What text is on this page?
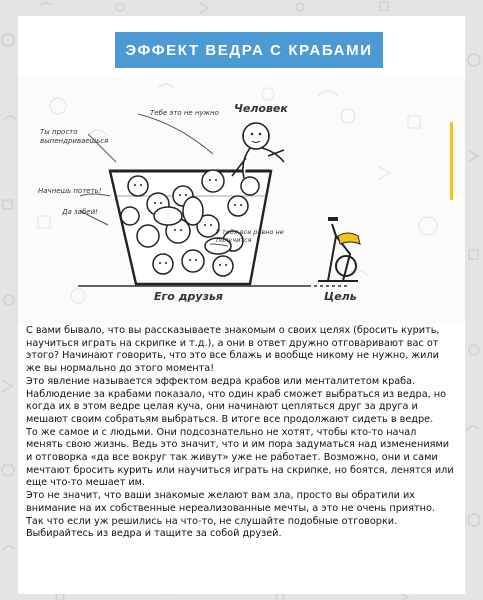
ЭФФЕКТ ВЕДРА С КРАБАМИ
Человек
Тебе это не нужно
Ты просто выпендриваешься
Начнешь потеть!
Да забей!
У тебя все равно не получится
Его друзья	Цель

С вами бывало, что вы рассказываете знакомым о своих целях (бросить курить, научиться играть на скрипке и т.д.), а они в ответ дружно отговаривают вас от этого? Начинают говорить, что это все блажь и вообще никому не нужно, жили же вы нормально до этого момента!

Это явление называется эффектом ведра крабов или менталитетом краба. Наблюдение за крабами показало, что один краб сможет выбраться из ведра, но когда их в этом ведре целая куча, они начинают цепляться друг за друга и мешают своим собратьям выбраться. В итоге все продолжают сидеть в ведре.

То же самое и с людьми. Они подсознательно не хотят, чтобы кто-то начал менять свою жизнь. Ведь это значит, что и им пора задуматься над изменениями и отговорка «да все вокруг так живут» уже не работает. Возможно, они и сами мечтают бросить курить или научиться играть на скрипке, но боятся, ленятся или еще что-то мешает им.

Это не значит, что ваши знакомые желают вам зла, просто вы обратили их внимание на их собственные нереализованные мечты, а это не очень приятно.

Так что если уж решились на что-то, не слушайте подобные отговорки. Выбирайтесь из ведра и тащите за собой друзей.
